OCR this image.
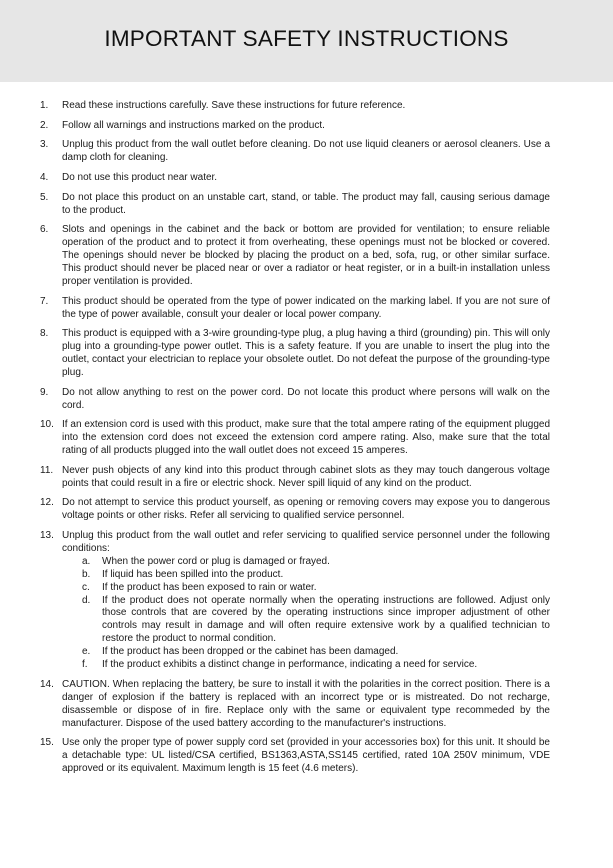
IMPORTANT SAFETY INSTRUCTIONS
1. Read these instructions carefully. Save these instructions for future reference.
2. Follow all warnings and instructions marked on the product.
3. Unplug this product from the wall outlet before cleaning. Do not use liquid cleaners or aerosol cleaners. Use a damp cloth for cleaning.
4. Do not use this product near water.
5. Do not place this product on an unstable cart, stand, or table. The product may fall, causing serious damage to the product.
6. Slots and openings in the cabinet and the back or bottom are provided for ventilation; to ensure reliable operation of the product and to protect it from overheating, these openings must not be blocked or covered. The openings should never be blocked by placing the product on a bed, sofa, rug, or other similar surface. This product should never be placed near or over a radiator or heat register, or in a built-in installation unless proper ventilation is provided.
7. This product should be operated from the type of power indicated on the marking label. If you are not sure of the type of power available, consult your dealer or local power company.
8. This product is equipped with a 3-wire grounding-type plug, a plug having a third (grounding) pin. This will only plug into a grounding-type power outlet. This is a safety feature. If you are unable to insert the plug into the outlet, contact your electrician to replace your obsolete outlet. Do not defeat the purpose of the grounding-type plug.
9. Do not allow anything to rest on the power cord. Do not locate this product where persons will walk on the cord.
10. If an extension cord is used with this product, make sure that the total ampere rating of the equipment plugged into the extension cord does not exceed the extension cord ampere rating. Also, make sure that the total rating of all products plugged into the wall outlet does not exceed 15 amperes.
11. Never push objects of any kind into this product through cabinet slots as they may touch dangerous voltage points that could result in a fire or electric shock. Never spill liquid of any kind on the product.
12. Do not attempt to service this product yourself, as opening or removing covers may expose you to dangerous voltage points or other risks. Refer all servicing to qualified service personnel.
13. Unplug this product from the wall outlet and refer servicing to qualified service personnel under the following conditions:
a. When the power cord or plug is damaged or frayed.
b. If liquid has been spilled into the product.
c. If the product has been exposed to rain or water.
d. If the product does not operate normally when the operating instructions are followed. Adjust only those controls that are covered by the operating instructions since improper adjustment of other controls may result in damage and will often require extensive work by a qualified technician to restore the product to normal condition.
e. If the product has been dropped or the cabinet has been damaged.
f. If the product exhibits a distinct change in performance, indicating a need for service.
14. CAUTION. When replacing the battery, be sure to install it with the polarities in the correct position. There is a danger of explosion if the battery is replaced with an incorrect type or is mistreated. Do not recharge, disassemble or dispose of in fire. Replace only with the same or equivalent type recommeded by the manufacturer. Dispose of the used battery according to the manufacturer's instructions.
15. Use only the proper type of power supply cord set (provided in your accessories box) for this unit. It should be a detachable type: UL listed/CSA certified, BS1363,ASTA,SS145 certified, rated 10A 250V minimum, VDE approved or its equivalent. Maximum length is 15 feet (4.6 meters).
